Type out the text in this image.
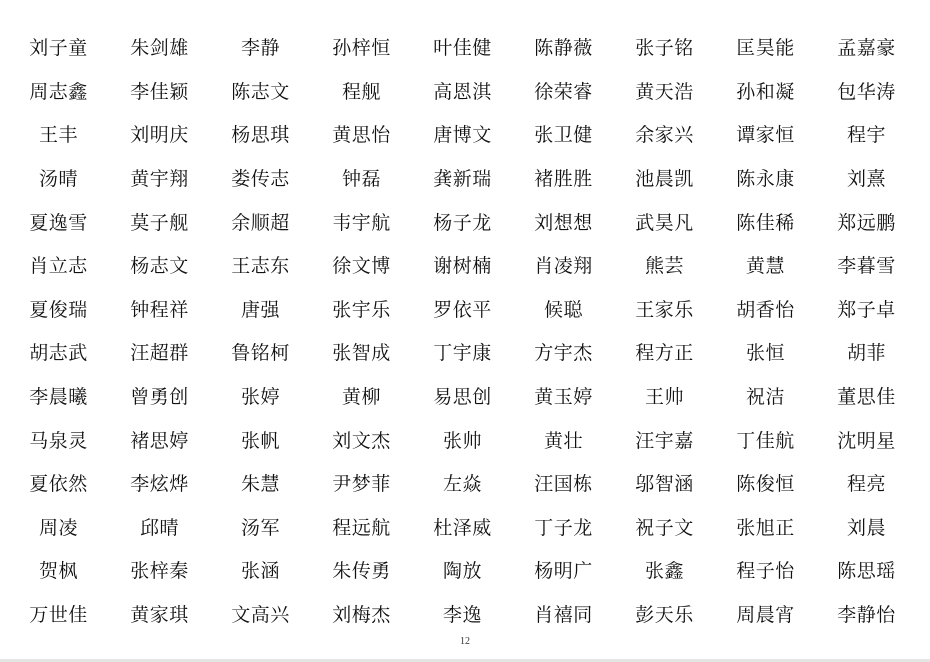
刘子童	朱剑雄	李静	孙梓恒	叶佳健	陈静薇	张子铭	匡昊能	孟嘉豪
周志鑫	李佳颖	陈志文	程舰	高恩淇	徐荣睿	黄天浩	孙和凝	包华涛
王丰	刘明庆	杨思琪	黄思怡	唐博文	张卫健	余家兴	谭家恒	程宇
汤晴	黄宇翔	娄传志	钟磊	龚新瑞	褚胜胜	池晨凯	陈永康	刘熹
夏逸雪	莫子舰	余顺超	韦宇航	杨子龙	刘想想	武昊凡	陈佳稀	郑远鹏
肖立志	杨志文	王志东	徐文博	谢树楠	肖凌翔	熊芸	黄慧	李暮雪
夏俊瑞	钟程祥	唐强	张宇乐	罗依平	候聪	王家乐	胡香怡	郑子卓
胡志武	汪超群	鲁铭柯	张智成	丁宇康	方宇杰	程方正	张恒	胡菲
李晨曦	曾勇创	张婷	黄柳	易思创	黄玉婷	王帅	祝洁	董思佳
马泉灵	褚思婷	张帆	刘文杰	张帅	黄壮	汪宇嘉	丁佳航	沈明星
夏依然	李炫烨	朱慧	尹梦菲	左焱	汪国栋	邬智涵	陈俊恒	程亮
周凌	邱晴	汤军	程远航	杜泽威	丁子龙	祝子文	张旭正	刘晨
贺枫	张梓秦	张涵	朱传勇	陶放	杨明广	张鑫	程子怡	陈思瑶
万世佳	黄家琪	文高兴	刘梅杰	李逸	肖禧同	彭天乐	周晨宵	李静怡
12
